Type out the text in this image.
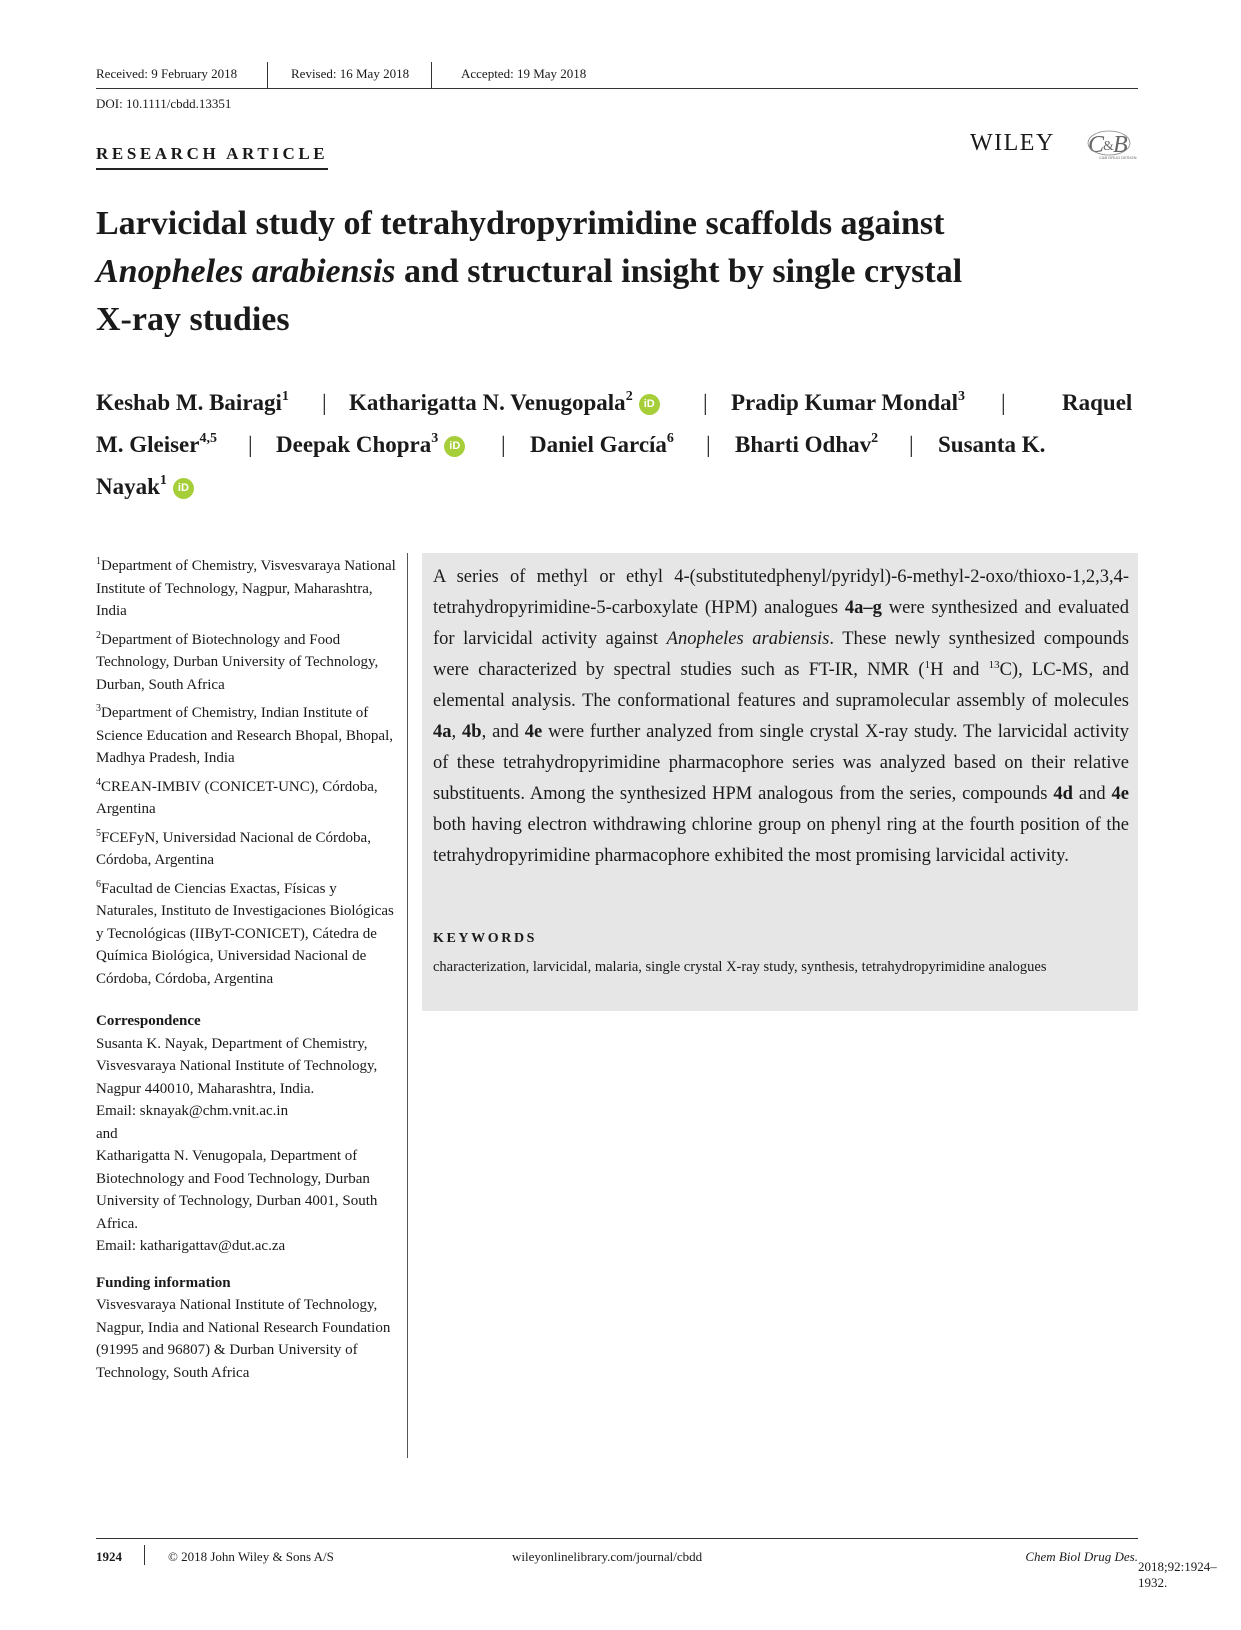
Received: 9 February 2018	Revised: 16 May 2018	Accepted: 19 May 2018
DOI: 10.1111/cbdd.13351
RESEARCH ARTICLE	WILEY C
& B
C&B DRUG DESIGN
Larvicidal study of tetrahydropyrimidine scaffolds against
Anopheles arabiensis and structural insight by single crystal
X-ray studies
Keshab M. Bairagi$^1$ | Katharigatta N. Venugopala$^2$ iD | Pradip Kumar Mondal$^3$ | Raquel
M. Gleiser$^{4,5}$ | Deepak Chopra$^3$ iD | Daniel García$^6$ | Bharti Odhav$^2$ | Susanta K.
Nayak$^1$ iD
$^1$Department of Chemistry, Visvesvaraya National Institute of Technology, Nagpur, Maharashtra, India
$^2$Department of Biotechnology and Food Technology, Durban University of Technology, Durban, South Africa
$^3$Department of Chemistry, Indian Institute of Science Education and Research Bhopal, Bhopal, Madhya Pradesh, India
$^4$CREAN-IMBIV (CONICET-UNC), Córdoba, Argentina
$^5$FCEFyN, Universidad Nacional de Córdoba, Córdoba, Argentina
$^6$Facultad de Ciencias Exactas, Físicas y Naturales, Instituto de Investigaciones Biológicas y Tecnológicas (IIByT-CONICET), Cátedra de Química Biológica, Universidad Nacional de Córdoba, Córdoba, Argentina
Correspondence
Susanta K. Nayak, Department of Chemistry, Visvesvaraya National Institute of Technology, Nagpur 440010, Maharashtra, India.
Email: sknayak@chm.vnit.ac.in
and
Katharigatta N. Venugopala, Department of Biotechnology and Food Technology, Durban University of Technology, Durban 4001, South Africa.
Email: katharigattav@dut.ac.za
Funding information
Visvesvaraya National Institute of Technology, Nagpur, India and National Research Foundation (91995 and 96807) & Durban University of Technology, South Africa
A series of methyl or ethyl 4-(substitutedphenyl/pyridyl)-6-methyl-2-oxo/thioxo-1,2,3,4-tetrahydropyrimidine-5-carboxylate (HPM) analogues 4a–g were synthesized and evaluated for larvicidal activity against Anopheles arabiensis. These newly synthesized compounds were characterized by spectral studies such as FT-IR, NMR ($^1$H and $^{13}$C), LC-MS, and elemental analysis. The conformational features and supramolecular assembly of molecules 4a, 4b, and 4e were further analyzed from single crystal X-ray study. The larvicidal activity of these tetrahydropyrimidine pharmacophore series was analyzed based on their relative substituents. Among the synthesized HPM analogous from the series, compounds 4d and 4e both having electron withdrawing chlorine group on phenyl ring at the fourth position of the tetrahydropyrimidine pharmacophore exhibited the most promising larvicidal activity.
KEYWORDS
characterization, larvicidal, malaria, single crystal X-ray study, synthesis, tetrahydropyrimidine analogues
1924	© 2018 John Wiley & Sons A/S	wileyonlinelibrary.com/journal/cbdd	Chem Biol Drug Des.
2018;92:1924–1932.
